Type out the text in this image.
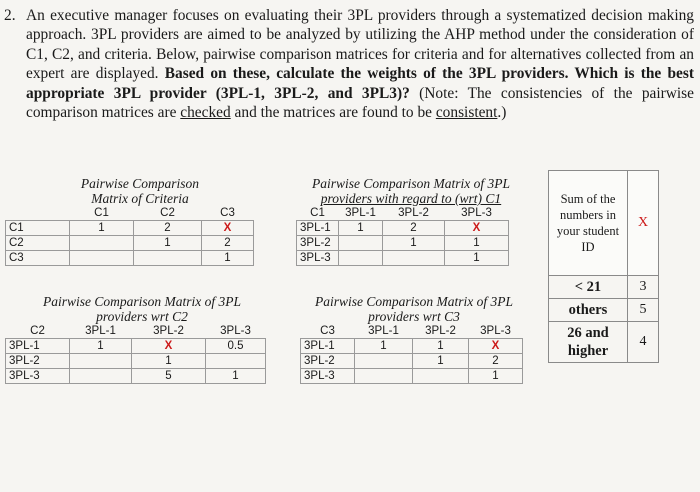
2. An executive manager focuses on evaluating their 3PL providers through a systematized decision making approach. 3PL providers are aimed to be analyzed by utilizing the AHP method under the consideration of C1, C2, and criteria. Below, pairwise comparison matrices for criteria and for alternatives collected from an expert are displayed. Based on these, calculate the weights of the 3PL providers. Which is the best appropriate 3PL provider (3PL-1, 3PL-2, and 3PL3)? (Note: The consistencies of the pairwise comparison matrices are checked and the matrices are found to be consistent.)
Pairwise Comparison
Matrix of Criteria
	C1	C2	C3
C1	1	2	X
C2		1	2
C3			1
Pairwise Comparison Matrix of 3PL
providers with regard to (wrt) C1
C1	3PL-1	3PL-2	3PL-3
3PL-1	1	2	X
3PL-2		1	1
3PL-3			1
Pairwise Comparison Matrix of 3PL
providers wrt C2
C2	3PL-1	3PL-2	3PL-3
3PL-1	1	X	0.5
3PL-2		1	
3PL-3		5	1
Pairwise Comparison Matrix of 3PL
providers wrt C3
C3	3PL-1	3PL-2	3PL-3
3PL-1	1	1	X
3PL-2		1	2
3PL-3			1
Sum of the numbers in your student ID	X
< 21	3
others	5
26 and higher	4
